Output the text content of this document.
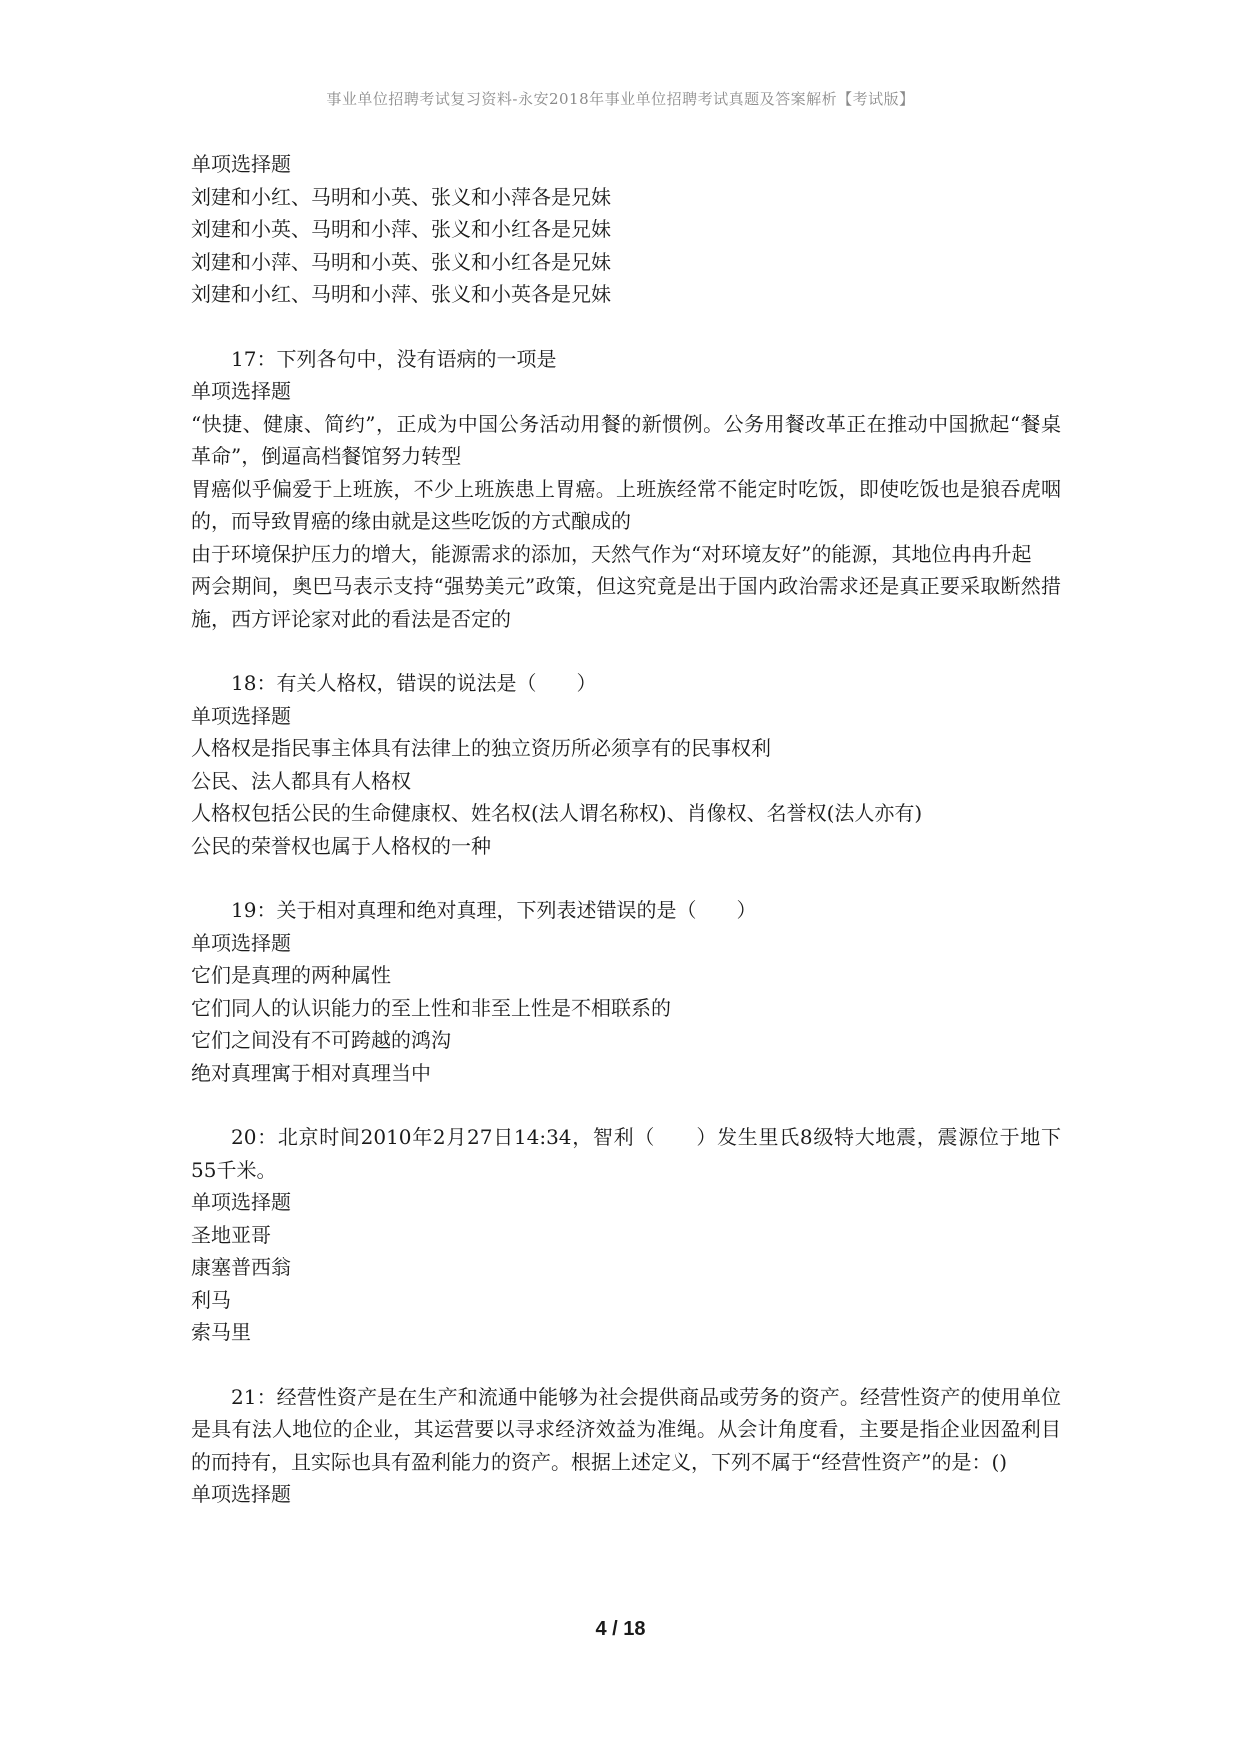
事业单位招聘考试复习资料-永安2018年事业单位招聘考试真题及答案解析【考试版】

单项选择题

刘建和小红、马明和小英、张义和小萍各是兄妹

刘建和小英、马明和小萍、张义和小红各是兄妹

刘建和小萍、马明和小英、张义和小红各是兄妹

刘建和小红、马明和小萍、张义和小英各是兄妹

17：下列各句中，没有语病的一项是

单项选择题

“快捷、健康、简约”，正成为中国公务活动用餐的新惯例。公务用餐改革正在推动中国掀起“餐桌革命”，倒逼高档餐馆努力转型

胃癌似乎偏爱于上班族，不少上班族患上胃癌。上班族经常不能定时吃饭，即使吃饭也是狼吞虎咽的，而导致胃癌的缘由就是这些吃饭的方式酿成的

由于环境保护压力的增大，能源需求的添加，天然气作为“对环境友好”的能源，其地位冉冉升起

两会期间，奥巴马表示支持“强势美元”政策，但这究竟是出于国内政治需求还是真正要采取断然措施，西方评论家对此的看法是否定的

18：有关人格权，错误的说法是（　　）

单项选择题

人格权是指民事主体具有法律上的独立资历所必须享有的民事权利

公民、法人都具有人格权

人格权包括公民的生命健康权、姓名权(法人谓名称权)、肖像权、名誉权(法人亦有)

公民的荣誉权也属于人格权的一种

19：关于相对真理和绝对真理，下列表述错误的是（　　）

单项选择题

它们是真理的两种属性

它们同人的认识能力的至上性和非至上性是不相联系的

它们之间没有不可跨越的鸿沟

绝对真理寓于相对真理当中

20：北京时间2010年2月27日14:34，智利（　　）发生里氏8级特大地震，震源位于地下55千米。

单项选择题

圣地亚哥

康塞普西翁

利马

索马里

21：经营性资产是在生产和流通中能够为社会提供商品或劳务的资产。经营性资产的使用单位是具有法人地位的企业，其运营要以寻求经济效益为准绳。从会计角度看，主要是指企业因盈利目的而持有，且实际也具有盈利能力的资产。根据上述定义，下列不属于“经营性资产”的是：()

单项选择题

4 / 18
